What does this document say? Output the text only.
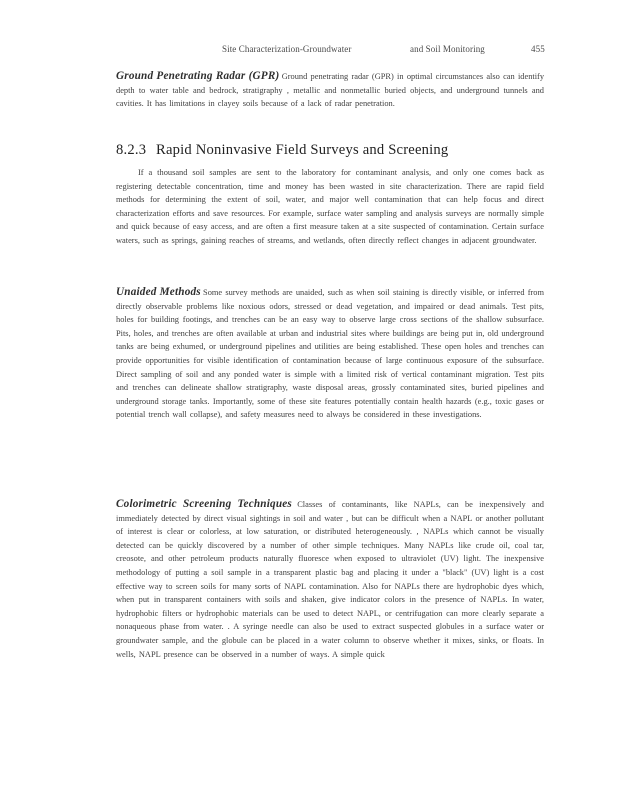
Site Characterization-Groundwater	and Soil Monitoring	455
Ground Penetrating Radar (GPR) Ground penetrating radar (GPR) in optimal circumstances also can identify depth to water table and bedrock, stratigraphy , metallic and nonmetallic buried objects, and underground tunnels and cavities. It has limitations in clayey soils because of a lack of radar penetration.
8.2.3 Rapid Noninvasive Field Surveys and Screening
If a thousand soil samples are sent to the laboratory for contaminant analysis, and only one comes back as registering detectable concentration, time and money has been wasted in site characterization. There are rapid field methods for determining the extent of soil, water, and major well contamination that can help focus and direct characterization efforts and save resources. For example, surface water sampling and analysis surveys are normally simple and quick because of easy access, and are often a first measure taken at a site suspected of contamination. Certain surface waters, such as springs, gaining reaches of streams, and wetlands, often directly reflect changes in adjacent groundwater.
Unaided Methods Some survey methods are unaided, such as when soil staining is directly visible, or inferred from directly observable problems like noxious odors, stressed or dead vegetation, and impaired or dead animals. Test pits, holes for building footings, and trenches can be an easy way to observe large cross sections of the shallow subsurface. Pits, holes, and trenches are often available at urban and industrial sites where buildings are being put in, old underground tanks are being exhumed, or underground pipelines and utilities are being established. These open holes and trenches can provide opportunities for visible identification of contamination because of large continuous exposure of the subsurface. Direct sampling of soil and any ponded water is simple with a limited risk of vertical contaminant migration. Test pits and trenches can delineate shallow stratigraphy, waste disposal areas, grossly contaminated sites, buried pipelines and underground storage tanks. Importantly, some of these site features potentially contain health hazards (e.g., toxic gases or potential trench wall collapse), and safety measures need to always be considered in these investigations.
Colorimetric Screening Techniques Classes of contaminants, like NAPLs, can be inexpensively and immediately detected by direct visual sightings in soil and water , but can be difficult when a NAPL or another pollutant of interest is clear or colorless, at low saturation, or distributed heterogeneously. , NAPLs which cannot be visually detected can be quickly discovered by a number of other simple techniques. Many NAPLs like crude oil, coal tar, creosote, and other petroleum products naturally fluoresce when exposed to ultraviolet (UV) light. The inexpensive methodology of putting a soil sample in a transparent plastic bag and placing it under a "black" (UV) light is a cost effective way to screen soils for many sorts of NAPL contamination. Also for NAPLs there are hydrophobic dyes which, when put in transparent containers with soils and shaken, give indicator colors in the presence of NAPLs. In water, hydrophobic filters or hydrophobic materials can be used to detect NAPL, or centrifugation can more clearly separate a nonaqueous phase from water. . A syringe needle can also be used to extract suspected globules in a surface water or groundwater sample, and the globule can be placed in a water column to observe whether it mixes, sinks, or floats. In wells, NAPL presence can be observed in a number of ways. A simple quick
